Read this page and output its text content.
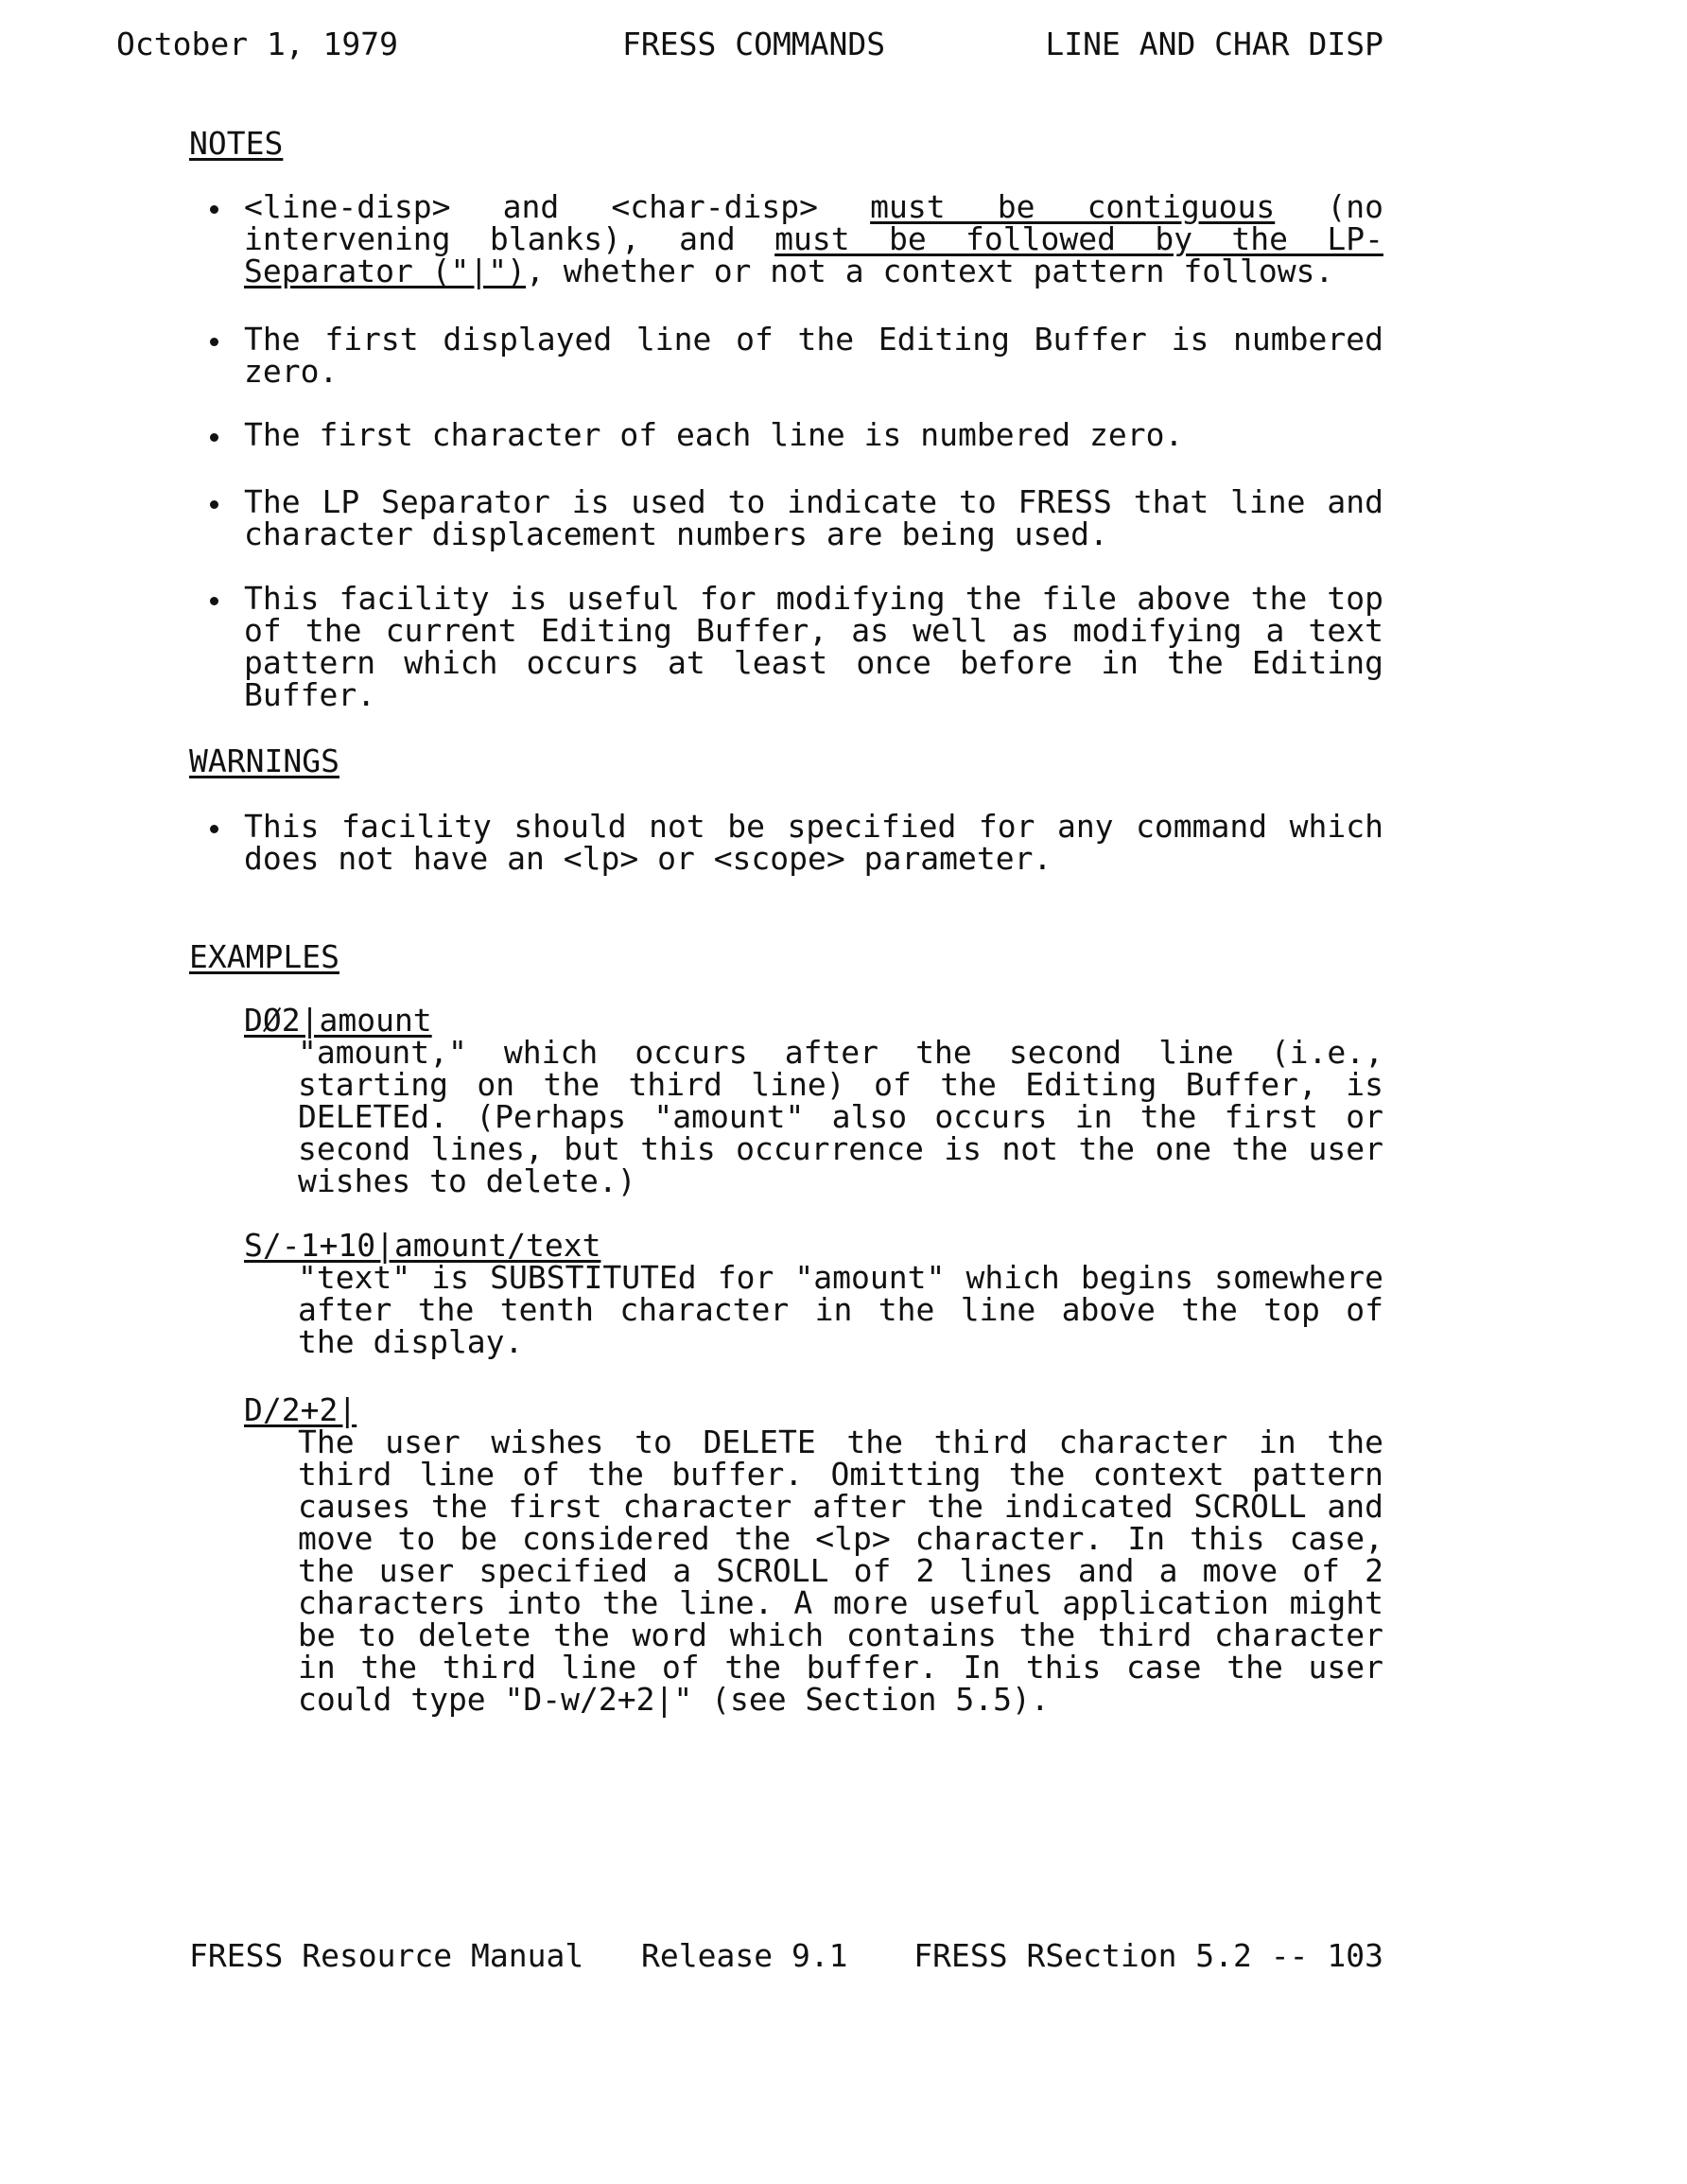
October 1, 1979	FRESS COMMANDS	LINE AND CHAR DISP
NOTES
<line-disp> and <char-disp> must be contiguous (no intervening blanks), and must be followed by the LP-Separator ("|"), whether or not a context pattern follows.
The first displayed line of the Editing Buffer is numbered zero.
The first character of each line is numbered zero.
The LP Separator is used to indicate to FRESS that line and character displacement numbers are being used.
This facility is useful for modifying the file above the top of the current Editing Buffer, as well as modifying a text pattern which occurs at least once before in the Editing Buffer.
WARNINGS
This facility should not be specified for any command which does not have an <lp> or <scope> parameter.
EXAMPLES
DØ2|amount
"amount," which occurs after the second line (i.e., starting on the third line) of the Editing Buffer, is DELETEd. (Perhaps "amount" also occurs in the first or second lines, but this occurrence is not the one the user wishes to delete.)
S/-1+10|amount/text
"text" is SUBSTITUTEd for "amount" which begins somewhere after the tenth character in the line above the top of the display.
D/2+2|
The user wishes to DELETE the third character in the third line of the buffer. Omitting the context pattern causes the first character after the indicated SCROLL and move to be considered the <lp> character. In this case, the user specified a SCROLL of 2 lines and a move of 2 characters into the line. A more useful application might be to delete the word which contains the third character in the third line of the buffer. In this case the user could type "D-w/2+2|" (see Section 5.5).
FRESS Resource Manual Release 9.1 FRESS RSection 5.2 -- 103
